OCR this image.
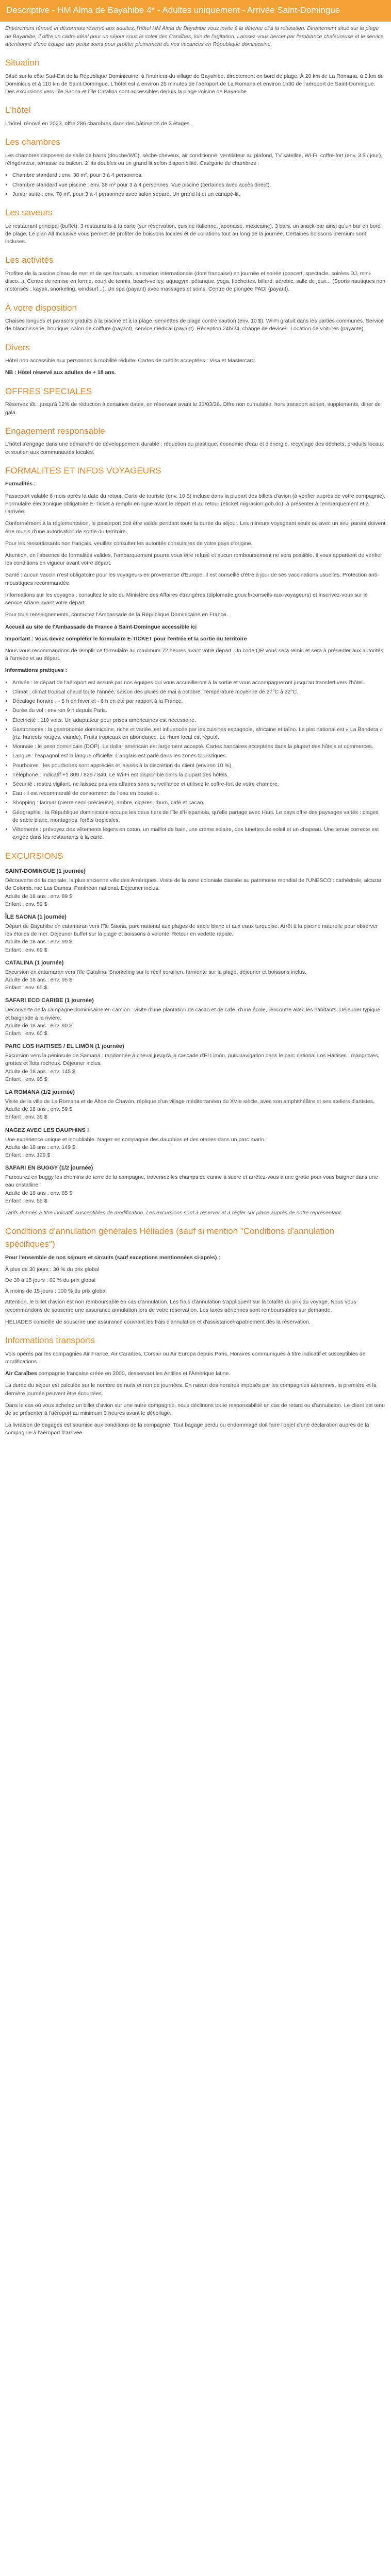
Descriptive - HM Alma de Bayahibe 4* - Adultes uniquement - Arrivée Saint-Domingue

Entièrement rénové et désormais réservé aux adultes, l'hôtel HM Alma de Bayahibe vous invite à la détente et à la relaxation. Directement situé sur la plage de Bayahibe, il offre un cadre idéal pour un séjour sous le soleil des Caraïbes, loin de l'agitation. Laissez-vous bercer par l'ambiance chaleureuse et le service attentionné d'une équipe aux petits soins pour profiter pleinement de vos vacances en République dominicaine.

Situation

Situé sur la côte Sud-Est de la République Dominicaine, à l'intérieur du village de Bayahibe, directement en bord de plage. À 20 km de La Romana, à 2 km de Dominicus et à 110 km de Saint-Domingue. L'hôtel est à environ 25 minutes de l'aéroport de La Romana et environ 1h30 de l'aéroport de Saint-Domingue. Des excursions vers l'île Saona et l'île Catalina sont accessibles depuis la plage voisine de Bayahibe.

L'hôtel

L'hôtel, rénové en 2023, offre 286 chambres dans des bâtiments de 3 étages.

Les chambres

Les chambres disposent de salle de bains (douche/WC), sèche-cheveux, air conditionné, ventilateur au plafond, TV satellite, Wi-Fi, coffre-fort (env. 3 $ / jour), réfrigérateur, terrasse ou balcon. 2 lits doubles ou un grand lit selon disponibilité. Catégorie de chambres :

• Chambre standard : env. 38 m², pour 3 à 4 personnes.
• Chambre standard vue piscine : env. 38 m² pour 3 à 4 personnes. Vue piscine (certaines avec accès direct).
• Junior suite : env. 70 m², pour 3 à 4 personnes avec salon séparé. Un grand lit et un canapé-lit.
Les saveurs

Le restaurant principal (buffet), 3 restaurants à la carte (sur réservation, cuisine italienne, japonaise, mexicaine), 3 bars, un snack-bar ainsi qu'un bar en bord de plage. Le plan All Inclusive vous permet de profiter de boissons locales et de collations tout au long de la journée. Certaines boissons premium sont incluses.

Les activités

Profitez de la piscine d'eau de mer et de ses transats, animation internationale (dont française) en journée et soirée (concert, spectacle, soirées DJ, mini-disco...). Centre de remise en forme, court de tennis, beach-volley, aquagym, pétanque, yoga, fléchettes, billard, aérobic, salle de jeux... (Sports nautiques non motorisés : kayak, snorkeling, windsurf...). Un spa (payant) avec massages et soins. Centre de plongée PADI (payant).

À votre disposition

Chaises longues et parasols gratuits à la piscine et à la plage, serviettes de plage contre caution (env. 10 $). Wi-Fi gratuit dans les parties communes. Service de blanchisserie, boutique, salon de coiffure (payant), service médical (payant). Réception 24h/24, change de devises. Location de voitures (payante).

Divers

Hôtel non accessible aux personnes à mobilité réduite. Cartes de crédits acceptées : Visa et Mastercard.

NB : Hôtel réservé aux adultes de + 18 ans.

OFFRES SPECIALES

Réservez tôt : jusqu'à 12% de réduction à certaines dates, en réservant avant le 31/03/26. Offre non cumulable, hors transport aérien, supplements, diner de gala.

Engagement responsable

L'hôtel s'engage dans une démarche de développement durable : réduction du plastique, économie d'eau et d'énergie, recyclage des déchets, produits locaux et soutien aux communautés locales.

FORMALITES ET INFOS VOYAGEURS

Formalités :

Passeport valable 6 mois après la date du retour. Carte de touriste (env. 10 $) incluse dans la plupart des billets d'avion (à vérifier auprès de votre compagnie). Formulaire électronique obligatoire E-Ticket à remplir en ligne avant le départ et au retour (eticket.migracion.gob.do), à présenter à l'embarquement et à l'arrivée.

Conformément à la réglementation, le passeport doit être valide pendant toute la durée du séjour. Les mineurs voyageant seuls ou avec un seul parent doivent être munis d'une autorisation de sortie du territoire.

Pour les ressortissants non français, veuillez consulter les autorités consulaires de votre pays d'origine.

Attention, en l'absence de formalités valides, l'embarquement pourra vous être refusé et aucun remboursement ne sera possible. Il vous appartient de vérifier les conditions en vigueur avant votre départ.

Santé : aucun vaccin n'est obligatoire pour les voyageurs en provenance d'Europe. Il est conseillé d'être à jour de ses vaccinations usuelles. Protection anti-moustiques recommandée.

Informations sur les voyages : consultez le site du Ministère des Affaires étrangères (diplomatie.gouv.fr/conseils-aux-voyageurs) et inscrivez-vous sur le service Ariane avant votre départ.

Pour tous renseignements, contactez l'Ambassade de la République Dominicaine en France.

Accueil au site de l'Ambassade de France à Saint-Domingue accessible ici

Important : Vous devez compléter le formulaire E-TICKET pour l'entrée et la sortie du territoire

Nous vous recommandons de remplir ce formulaire au maximum 72 heures avant votre départ. Un code QR vous sera remis et sera à présenter aux autorités à l'arrivée et au départ.

Informations pratiques :

• Arrivée : le départ de l'aéroport est assuré par nos équipes qui vous accueilleront à la sortie et vous accompagneront jusqu'au transfert vers l'hôtel.
• Climat : climat tropical chaud toute l'année, saison des pluies de mai à octobre. Température moyenne de 27°C à 32°C.
• Décalage horaire : - 5 h en hiver et - 6 h en été par rapport à la France.
• Durée du vol : environ 9 h depuis Paris.
• Électricité : 110 volts. Un adaptateur pour prises américaines est nécessaire.
• Gastronomie : la gastronomie dominicaine, riche et variée, est influencée par les cuisines espagnole, africaine et taïno. Le plat national est « La Bandera » (riz, haricots rouges, viande). Fruits tropicaux en abondance. Le rhum local est réputé.
• Monnaie : le peso dominicain (DOP). Le dollar américain est largement accepté. Cartes bancaires acceptées dans la plupart des hôtels et commerces.
• Langue : l'espagnol est la langue officielle. L'anglais est parlé dans les zones touristiques.
• Pourboires : les pourboires sont appréciés et laissés à la discrétion du client (environ 10 %).
• Téléphone : indicatif +1 809 / 829 / 849. Le Wi-Fi est disponible dans la plupart des hôtels.
• Sécurité : restez vigilant, ne laissez pas vos affaires sans surveillance et utilisez le coffre-fort de votre chambre.
• Eau : il est recommandé de consommer de l'eau en bouteille.
• Shopping : larimar (pierre semi-précieuse), ambre, cigares, rhum, café et cacao.
• Géographie : la République dominicaine occupe les deux tiers de l'île d'Hispaniola, qu'elle partage avec Haïti. Le pays offre des paysages variés : plages de sable blanc, montagnes, forêts tropicales.
• Vêtements : prévoyez des vêtements légers en coton, un maillot de bain, une crème solaire, des lunettes de soleil et un chapeau. Une tenue correcte est exigée dans les restaurants à la carte.
EXCURSIONS
SAINT-DOMINGUE (1 journée)

Découverte de la capitale, la plus ancienne ville des Amériques. Visite de la zone coloniale classée au patrimoine mondial de l'UNESCO : cathédrale, alcazar de Colomb, rue Las Damas, Panthéon national. Déjeuner inclus.

Adulte de 18 ans : env. 89 $

Enfant : env. 59 $

ÎLE SAONA (1 journée)

Départ de Bayahibe en catamaran vers l'île Saona, parc national aux plages de sable blanc et aux eaux turquoise. Arrêt à la piscine naturelle pour observer les étoiles de mer. Déjeuner buffet sur la plage et boissons à volonté. Retour en vedette rapide.

Adulte de 18 ans : env. 99 $

Enfant : env. 69 $

CATALINA (1 journée)

Excursion en catamaran vers l'île Catalina. Snorkeling sur le récif corallien, farniente sur la plage, déjeuner et boissons inclus.

Adulte de 18 ans : env. 95 $

Enfant : env. 65 $

SAFARI ECO CARIBE (1 journée)

Découverte de la campagne dominicaine en camion : visite d'une plantation de cacao et de café, d'une école, rencontre avec les habitants. Déjeuner typique et baignade à la rivière.

Adulte de 18 ans : env. 90 $

Enfant : env. 60 $

PARC LOS HAITISES / EL LIMÓN (1 journée)

Excursion vers la péninsule de Samaná : randonnée à cheval jusqu'à la cascade d'El Limón, puis navigation dans le parc national Los Haitises : mangroves, grottes et îlots rocheux. Déjeuner inclus.

Adulte de 18 ans : env. 145 $

Enfant : env. 95 $

LA ROMANA (1/2 journée)

Visite de la ville de La Romana et de Altos de Chavón, réplique d'un village méditerranéen du XVIe siècle, avec son amphithéâtre et ses ateliers d'artistes.

Adulte de 18 ans : env. 59 $

Enfant : env. 39 $

NAGEZ AVEC LES DAUPHINS !

Une expérience unique et inoubliable. Nagez en compagnie des dauphins et des otaries dans un parc marin.

Adulte de 18 ans : env. 149 $

Enfant : env. 129 $

SAFARI EN BUGGY (1/2 journée)

Parcourez en buggy les chemins de terre de la campagne, traversez les champs de canne à sucre et arrêtez-vous à une grotte pour vous baigner dans une eau cristalline.

Adulte de 18 ans : env. 85 $

Enfant : env. 55 $

Tarifs donnés à titre indicatif, susceptibles de modification. Les excursions sont à réserver et à régler sur place auprès de notre représentant.

Conditions d'annulation générales Héliades (sauf si mention "Conditions d'annulation spécifiques")

Pour l'ensemble de nos séjours et circuits (sauf exceptions mentionnées ci-après) :

À plus de 30 jours : 30 % du prix global

De 30 à 15 jours : 60 % du prix global

À moins de 15 jours : 100 % du prix global

Attention, le billet d'avion est non remboursable en cas d'annulation. Les frais d'annulation s'appliquent sur la totalité du prix du voyage. Nous vous recommandons de souscrire une assurance annulation lors de votre réservation. Les taxes aériennes sont remboursables sur demande.

HÉLIADES conseille de souscrire une assurance couvrant les frais d'annulation et d'assistance/rapatriement dès la réservation.

Informations transports

Vols opérés par les compagnies Air France, Air Caraïbes, Corsair ou Air Europa depuis Paris. Horaires communiqués à titre indicatif et susceptibles de modifications.

Air Caraïbes compagnie française créée en 2000, desservant les Antilles et l'Amérique latine.

La durée du séjour est calculée sur le nombre de nuits et non de journées. En raison des horaires imposés par les compagnies aériennes, la première et la dernière journée peuvent être écourtées.

Dans le cas où vous achetez un billet d'avion sur une autre compagnie, nous déclinons toute responsabilité en cas de retard ou d'annulation. Le client est tenu de se présenter à l'aéroport au minimum 3 heures avant le décollage.

La livraison de bagages est soumise aux conditions de la compagnie. Tout bagage perdu ou endommagé doit faire l'objet d'une déclaration auprès de la compagnie à l'aéroport d'arrivée.
